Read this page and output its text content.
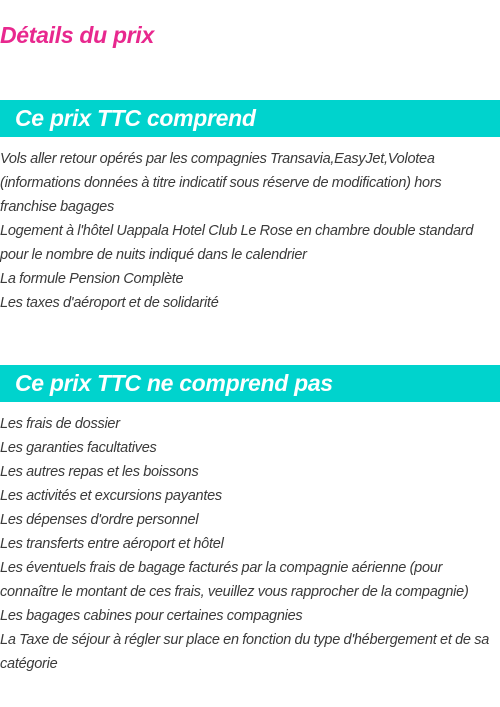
Détails du prix
Ce prix TTC comprend
Vols aller retour opérés par les compagnies Transavia,EasyJet,Volotea (informations données à titre indicatif sous réserve de modification) hors franchise bagages
Logement à l'hôtel Uappala Hotel Club Le Rose en chambre double standard pour le nombre de nuits indiqué dans le calendrier
La formule Pension Complète
Les taxes d'aéroport et de solidarité
Ce prix TTC ne comprend pas
Les frais de dossier
Les garanties facultatives
Les autres repas et les boissons
Les activités et excursions payantes
Les dépenses d'ordre personnel
Les transferts entre aéroport et hôtel
Les éventuels frais de bagage facturés par la compagnie aérienne (pour connaître le montant de ces frais, veuillez vous rapprocher de la compagnie)
Les bagages cabines pour certaines compagnies
La Taxe de séjour à régler sur place en fonction du type d'hébergement et de sa catégorie
